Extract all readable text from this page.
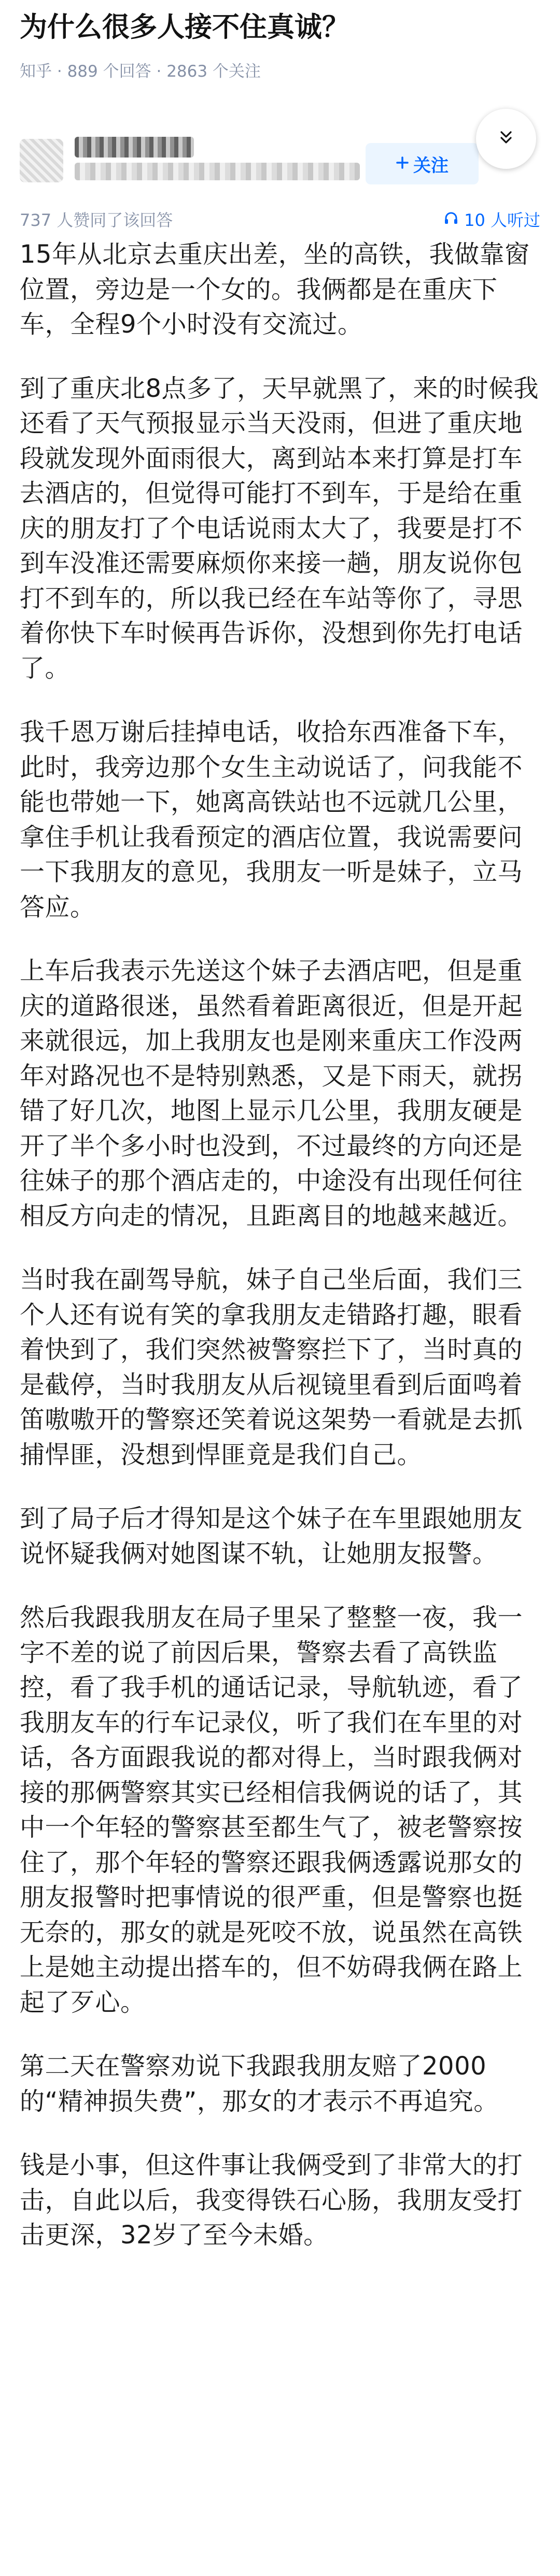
为什么很多人接不住真诚？
知乎 · 889 个回答 · 2863 个关注
关注
737 人赞同了该回答	10 人听过

15年从北京去重庆出差，坐的高铁，我做靠窗位置，旁边是一个女的。我俩都是在重庆下车，全程9个小时没有交流过。

到了重庆北8点多了，天早就黑了，来的时候我还看了天气预报显示当天没雨，但进了重庆地段就发现外面雨很大，离到站本来打算是打车去酒店的，但觉得可能打不到车，于是给在重庆的朋友打了个电话说雨太大了，我要是打不到车没准还需要麻烦你来接一趟，朋友说你包打不到车的，所以我已经在车站等你了，寻思着你快下车时候再告诉你，没想到你先打电话了。

我千恩万谢后挂掉电话，收拾东西准备下车，此时，我旁边那个女生主动说话了，问我能不能也带她一下，她离高铁站也不远就几公里，拿住手机让我看预定的酒店位置，我说需要问一下我朋友的意见，我朋友一听是妹子，立马答应。

上车后我表示先送这个妹子去酒店吧，但是重庆的道路很迷，虽然看着距离很近，但是开起来就很远，加上我朋友也是刚来重庆工作没两年对路况也不是特别熟悉，又是下雨天，就拐错了好几次，地图上显示几公里，我朋友硬是开了半个多小时也没到，不过最终的方向还是往妹子的那个酒店走的，中途没有出现任何往相反方向走的情况，且距离目的地越来越近。

当时我在副驾导航，妹子自己坐后面，我们三个人还有说有笑的拿我朋友走错路打趣，眼看着快到了，我们突然被警察拦下了，当时真的是截停，当时我朋友从后视镜里看到后面鸣着笛嗷嗷开的警察还笑着说这架势一看就是去抓捕悍匪，没想到悍匪竟是我们自己。

到了局子后才得知是这个妹子在车里跟她朋友说怀疑我俩对她图谋不轨，让她朋友报警。

然后我跟我朋友在局子里呆了整整一夜，我一字不差的说了前因后果，警察去看了高铁监控，看了我手机的通话记录，导航轨迹，看了我朋友车的行车记录仪，听了我们在车里的对话，各方面跟我说的都对得上，当时跟我俩对接的那俩警察其实已经相信我俩说的话了，其中一个年轻的警察甚至都生气了，被老警察按住了，那个年轻的警察还跟我俩透露说那女的朋友报警时把事情说的很严重，但是警察也挺无奈的，那女的就是死咬不放，说虽然在高铁上是她主动提出搭车的，但不妨碍我俩在路上起了歹心。

第二天在警察劝说下我跟我朋友赔了2000的“精神损失费”，那女的才表示不再追究。

钱是小事，但这件事让我俩受到了非常大的打击，自此以后，我变得铁石心肠，我朋友受打击更深，32岁了至今未婚。
